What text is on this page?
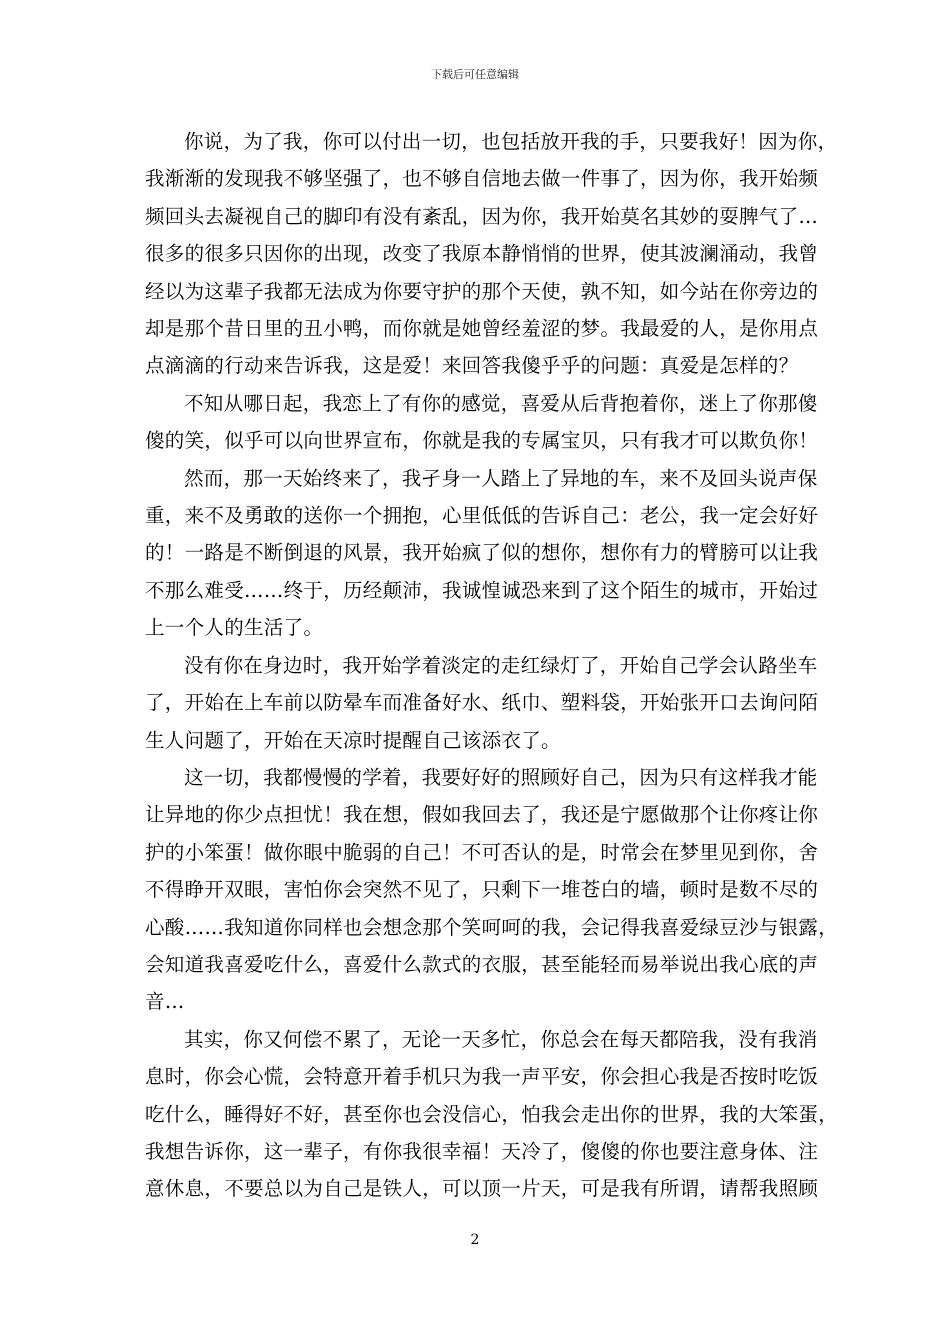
下载后可任意编辑

你说，为了我，你可以付出一切，也包括放开我的手，只要我好！因为你，
我渐渐的发现我不够坚强了，也不够自信地去做一件事了，因为你，我开始频
频回头去凝视自己的脚印有没有紊乱，因为你，我开始莫名其妙的耍脾气了…
很多的很多只因你的出现，改变了我原本静悄悄的世界，使其波澜涌动，我曾
经以为这辈子我都无法成为你要守护的那个天使，孰不知，如今站在你旁边的
却是那个昔日里的丑小鸭，而你就是她曾经羞涩的梦。我最爱的人，是你用点
点滴滴的行动来告诉我，这是爱！来回答我傻乎乎的问题：真爱是怎样的？

不知从哪日起，我恋上了有你的感觉，喜爱从后背抱着你，迷上了你那傻
傻的笑，似乎可以向世界宣布，你就是我的专属宝贝，只有我才可以欺负你！

然而，那一天始终来了，我孑身一人踏上了异地的车，来不及回头说声保
重，来不及勇敢的送你一个拥抱，心里低低的告诉自己：老公，我一定会好好
的！一路是不断倒退的风景，我开始疯了似的想你，想你有力的臂膀可以让我
不那么难受……终于，历经颠沛，我诚惶诚恐来到了这个陌生的城市，开始过
上一个人的生活了。

没有你在身边时，我开始学着淡定的走红绿灯了，开始自己学会认路坐车
了，开始在上车前以防晕车而准备好水、纸巾、塑料袋，开始张开口去询问陌
生人问题了，开始在天凉时提醒自己该添衣了。

这一切，我都慢慢的学着，我要好好的照顾好自己，因为只有这样我才能
让异地的你少点担忧！我在想，假如我回去了，我还是宁愿做那个让你疼让你
护的小笨蛋！做你眼中脆弱的自己！不可否认的是，时常会在梦里见到你，舍
不得睁开双眼，害怕你会突然不见了，只剩下一堆苍白的墙，顿时是数不尽的
心酸……我知道你同样也会想念那个笑呵呵的我，会记得我喜爱绿豆沙与银露，
会知道我喜爱吃什么，喜爱什么款式的衣服，甚至能轻而易举说出我心底的声
音…

其实，你又何偿不累了，无论一天多忙，你总会在每天都陪我，没有我消
息时，你会心慌，会特意开着手机只为我一声平安，你会担心我是否按时吃饭
吃什么，睡得好不好，甚至你也会没信心，怕我会走出你的世界，我的大笨蛋，
我想告诉你，这一辈子，有你我很幸福！天冷了，傻傻的你也要注意身体、注
意休息，不要总以为自己是铁人，可以顶一片天，可是我有所谓，请帮我照顾

2
